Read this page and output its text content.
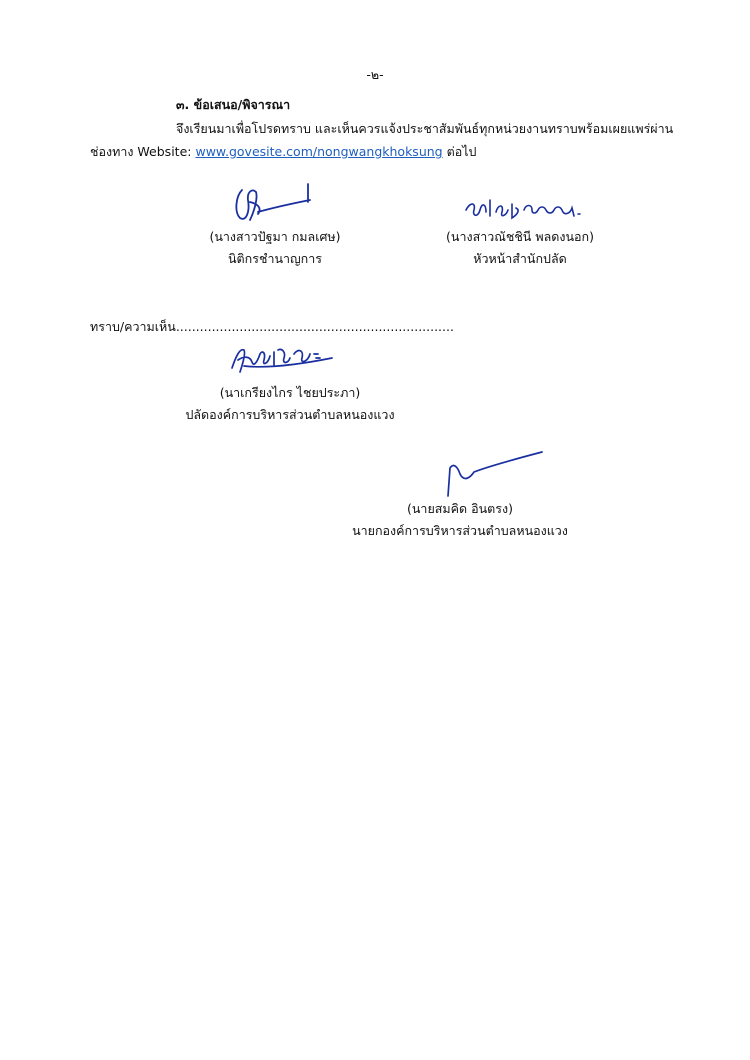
-๒-
๓. ข้อเสนอ/พิจารณา
จึงเรียนมาเพื่อโปรดทราบ และเห็นควรแจ้งประชาสัมพันธ์ทุกหน่วยงานทราบพร้อมเผยแพร่ผ่าน
ช่องทาง Website: www.govesite.com/nongwangkhoksung ต่อไป
(นางสาวปัฐมา กมลเศษ)
นิติกรชำนาญการ
(นางสาวณัชชินี พลดงนอก)
หัวหน้าสำนักปลัด
ทราบ/ความเห็น......................................................................
(นาเกรียงไกร ไชยประภา)
ปลัดองค์การบริหารส่วนตำบลหนองแวง
(นายสมคิด อินตรง)
นายกองค์การบริหารส่วนตำบลหนองแวง
